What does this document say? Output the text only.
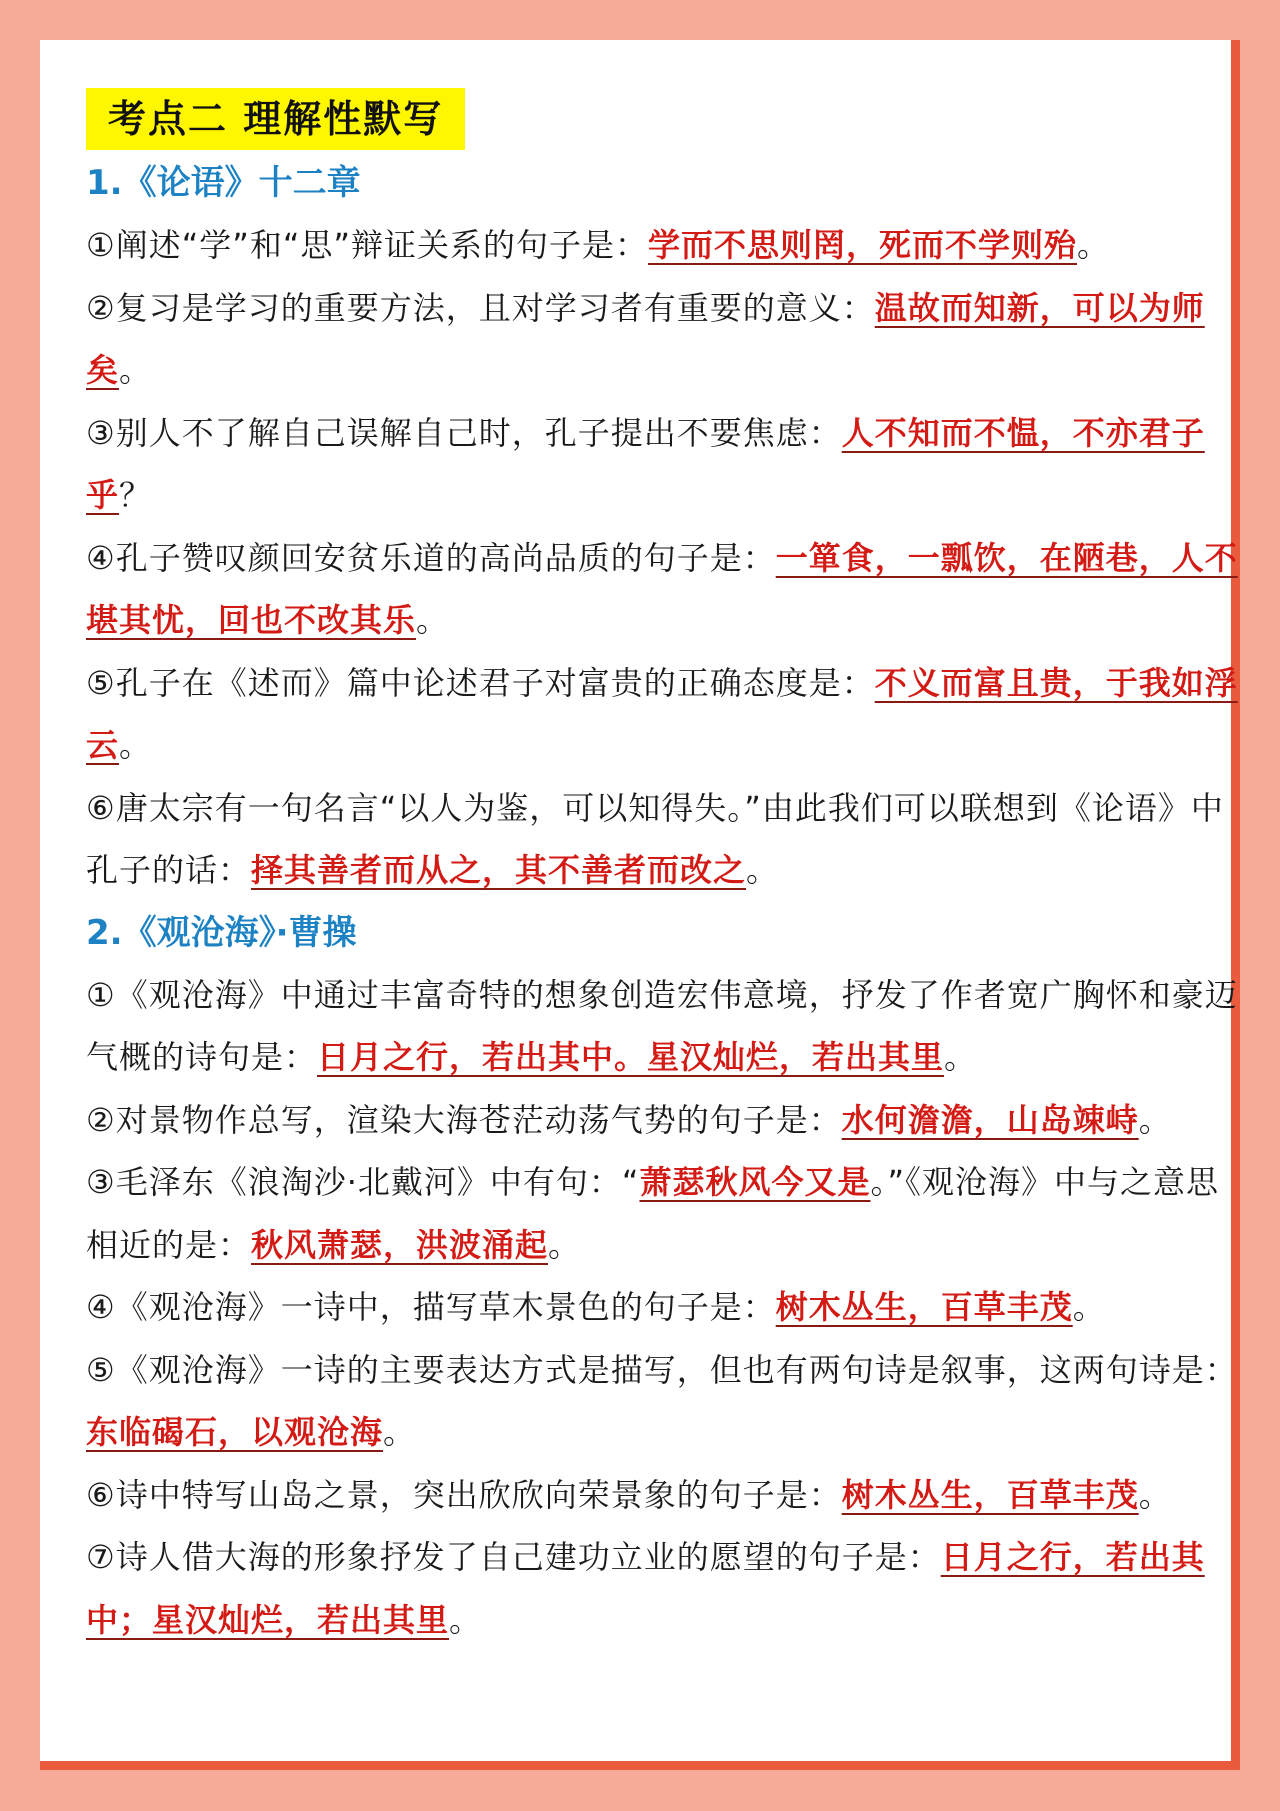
考点二 理解性默写
1.《论语》十二章
①阐述“学”和“思”辩证关系的句子是：学而不思则罔，死而不学则殆。
②复习是学习的重要方法，且对学习者有重要的意义：温故而知新，可以为师矣。
③别人不了解自己误解自己时，孔子提出不要焦虑：人不知而不愠，不亦君子乎？
④孔子赞叹颜回安贫乐道的高尚品质的句子是：一箪食，一瓢饮，在陋巷，人不堪其忧，回也不改其乐。
⑤孔子在《述而》篇中论述君子对富贵的正确态度是：不义而富且贵，于我如浮云。
⑥唐太宗有一句名言“以人为鉴，可以知得失。”由此我们可以联想到《论语》中孔子的话：择其善者而从之，其不善者而改之。
2.《观沧海》·曹操
①《观沧海》中通过丰富奇特的想象创造宏伟意境，抒发了作者宽广胸怀和豪迈气概的诗句是：日月之行，若出其中。星汉灿烂，若出其里。
②对景物作总写，渲染大海苍茫动荡气势的句子是：水何澹澹，山岛竦峙。
③毛泽东《浪淘沙·北戴河》中有句：“萧瑟秋风今又是。”《观沧海》中与之意思相近的是：秋风萧瑟，洪波涌起。
④《观沧海》一诗中，描写草木景色的句子是：树木丛生，百草丰茂。
⑤《观沧海》一诗的主要表达方式是描写，但也有两句诗是叙事，这两句诗是：东临碣石，以观沧海。
⑥诗中特写山岛之景，突出欣欣向荣景象的句子是：树木丛生，百草丰茂。
⑦诗人借大海的形象抒发了自己建功立业的愿望的句子是：日月之行，若出其中；星汉灿烂，若出其里。
